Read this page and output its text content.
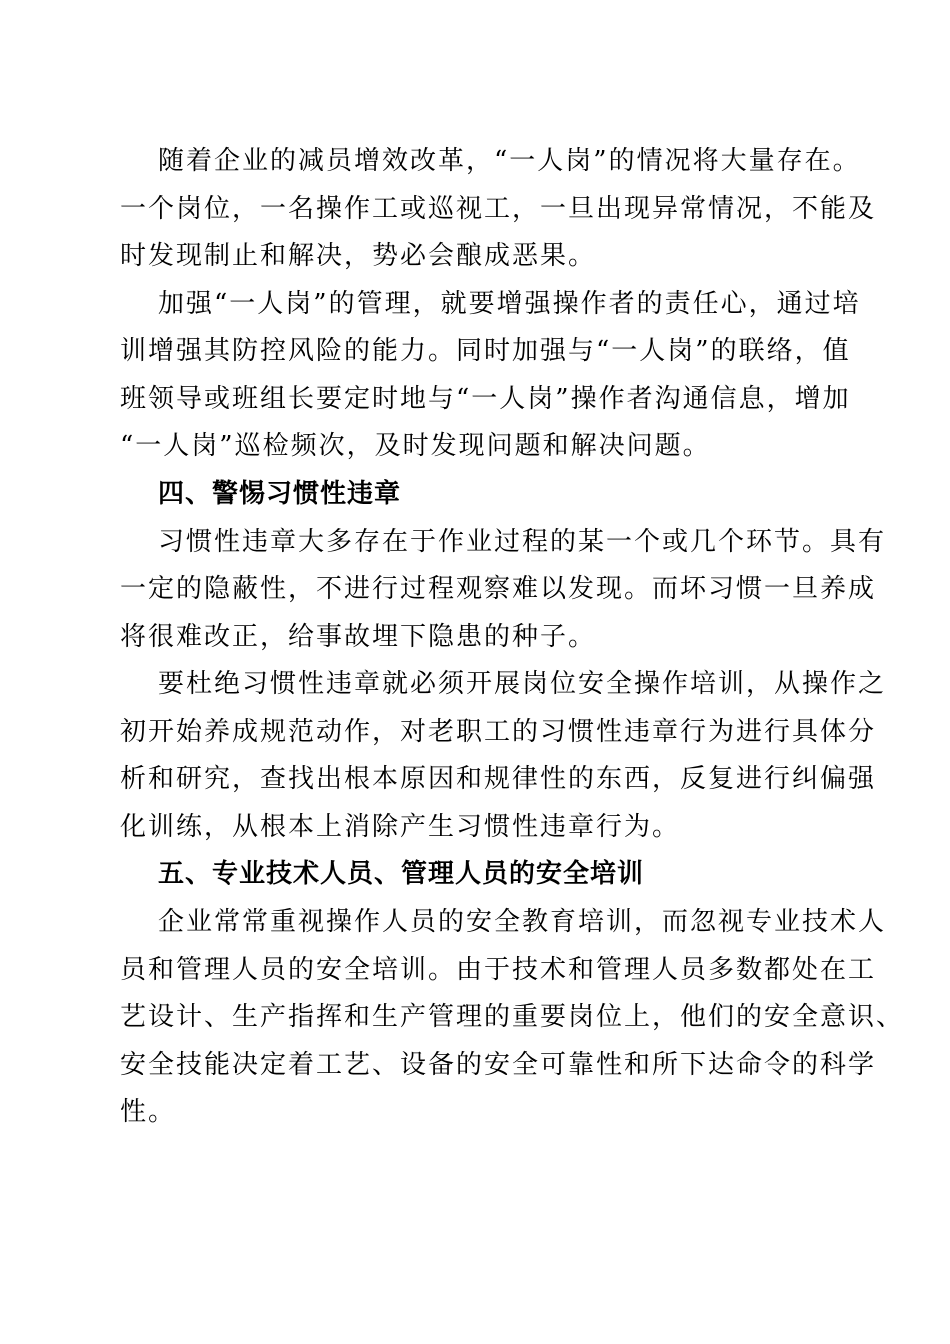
随着企业的减员增效改革，“一人岗”的情况将大量存在。
一个岗位，一名操作工或巡视工，一旦出现异常情况，不能及
时发现制止和解决，势必会酿成恶果。
加强“一人岗”的管理，就要增强操作者的责任心，通过培
训增强其防控风险的能力。同时加强与“一人岗”的联络，值
班领导或班组长要定时地与“一人岗”操作者沟通信息，增加
“一人岗”巡检频次，及时发现问题和解决问题。
四、警惕习惯性违章
习惯性违章大多存在于作业过程的某一个或几个环节。具有
一定的隐蔽性，不进行过程观察难以发现。而坏习惯一旦养成
将很难改正，给事故埋下隐患的种子。
要杜绝习惯性违章就必须开展岗位安全操作培训，从操作之
初开始养成规范动作，对老职工的习惯性违章行为进行具体分
析和研究，查找出根本原因和规律性的东西，反复进行纠偏强
化训练，从根本上消除产生习惯性违章行为。
五、专业技术人员、管理人员的安全培训
企业常常重视操作人员的安全教育培训，而忽视专业技术人
员和管理人员的安全培训。由于技术和管理人员多数都处在工
艺设计、生产指挥和生产管理的重要岗位上，他们的安全意识、
安全技能决定着工艺、设备的安全可靠性和所下达命令的科学
性。
